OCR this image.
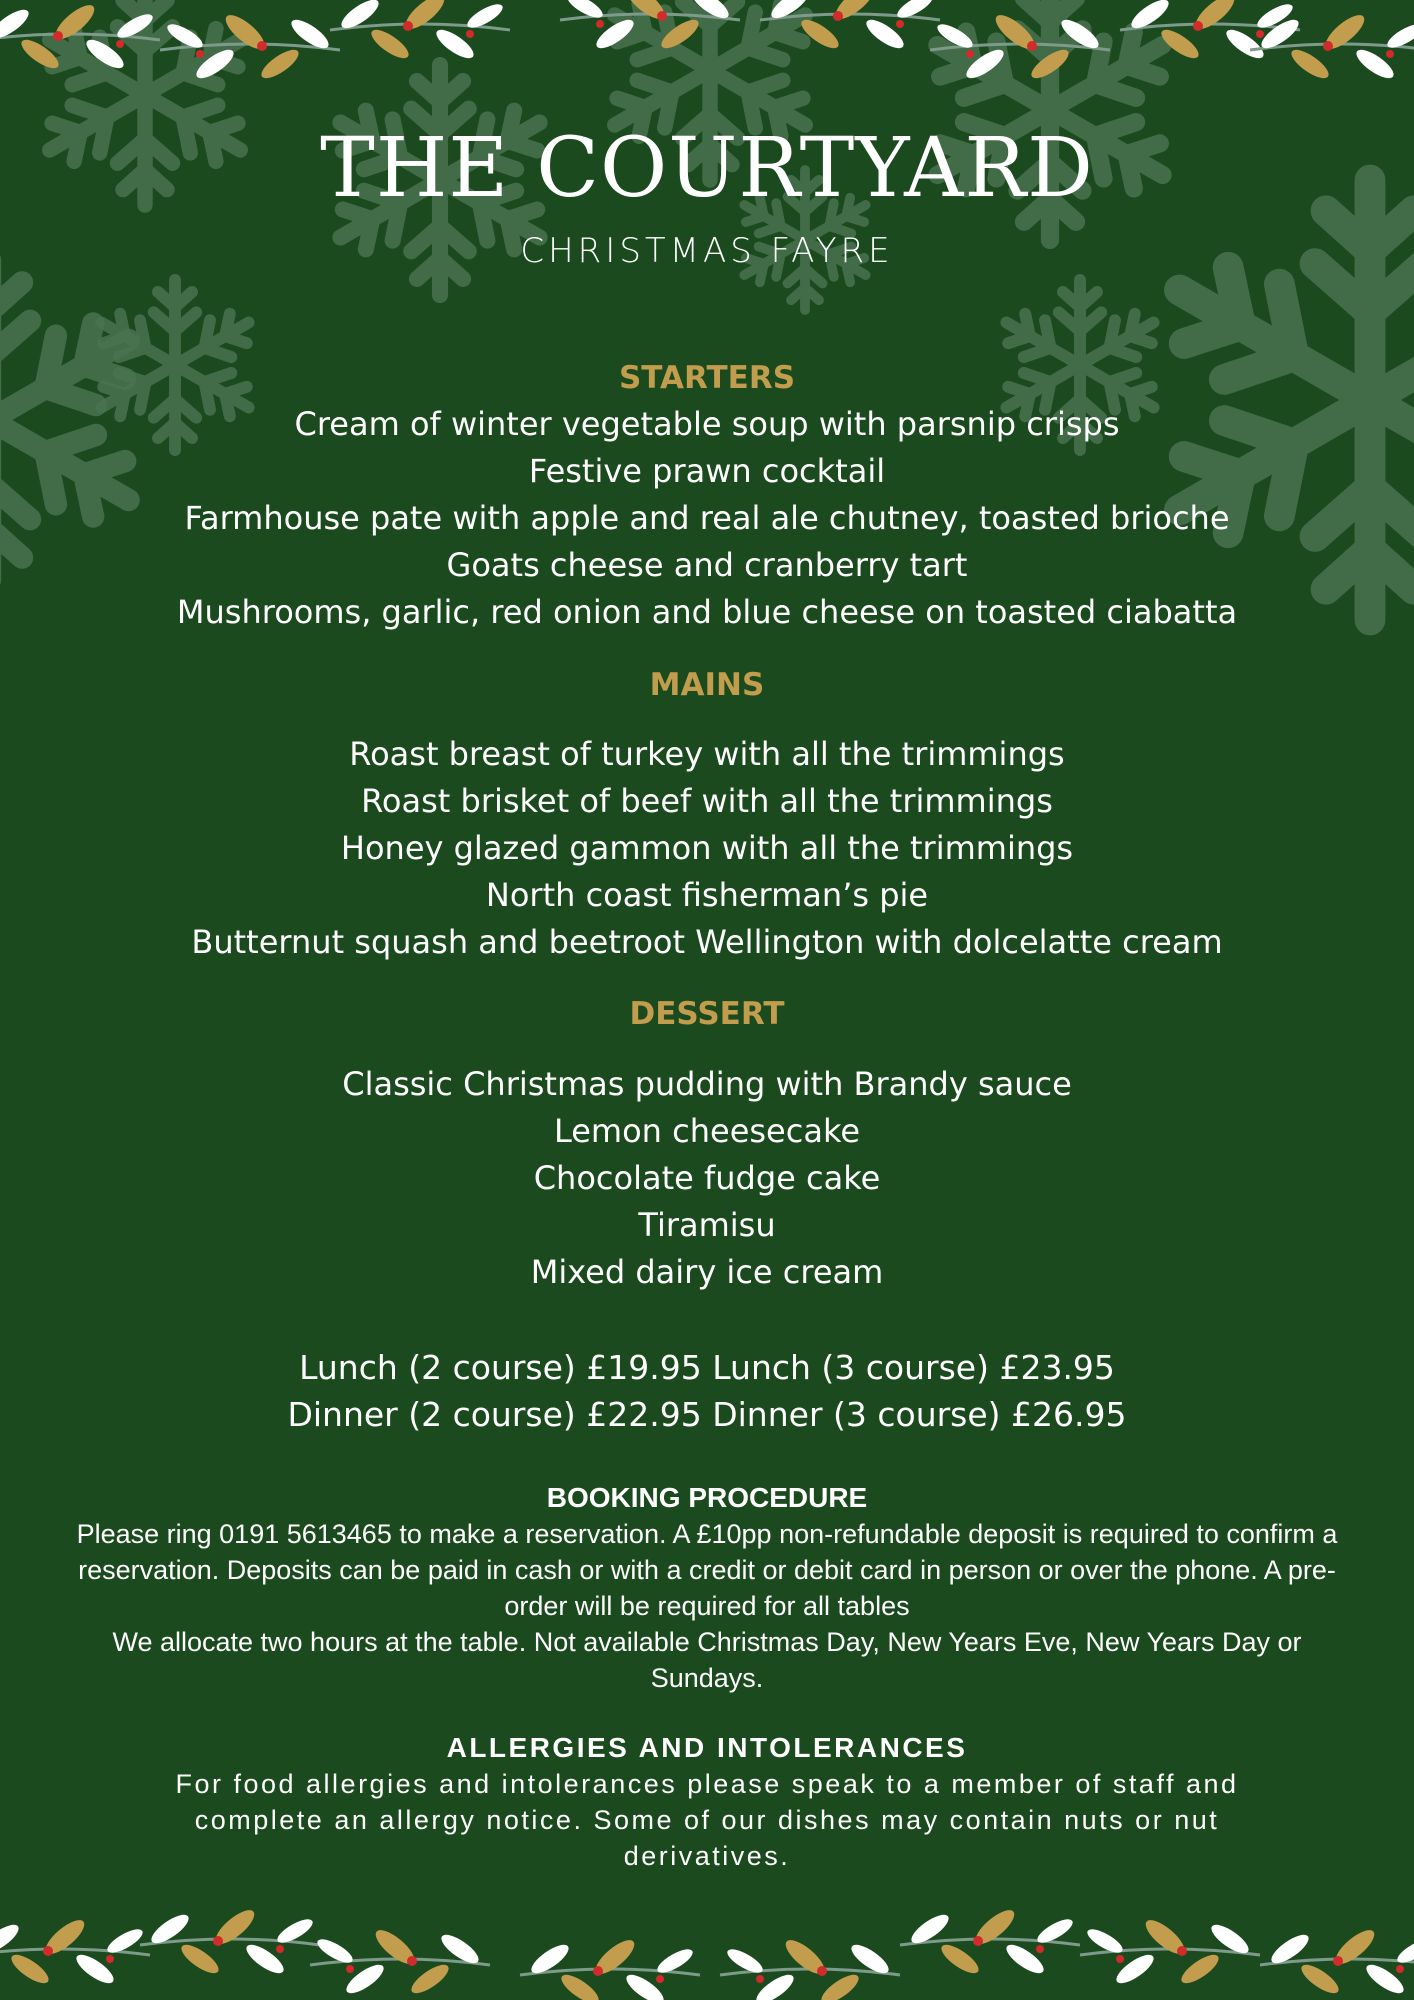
THE COURTYARD
CHRISTMAS FAYRE
STARTERS
Cream of winter vegetable soup with parsnip crisps
Festive prawn cocktail
Farmhouse pate with apple and real ale chutney, toasted brioche
Goats cheese and cranberry tart
Mushrooms, garlic, red onion and blue cheese on toasted ciabatta
MAINS
Roast breast of turkey with all the trimmings
Roast brisket of beef with all the trimmings
Honey glazed gammon with all the trimmings
North coast fisherman’s pie
Butternut squash and beetroot Wellington with dolcelatte cream
DESSERT
Classic Christmas pudding with Brandy sauce
Lemon cheesecake
Chocolate fudge cake
Tiramisu
Mixed dairy ice cream
Lunch (2 course) £19.95 Lunch (3 course) £23.95
Dinner (2 course) £22.95 Dinner (3 course) £26.95
BOOKING PROCEDURE

Please ring 0191 5613465 to make a reservation. A £10pp non-refundable deposit is required to confirm a reservation. Deposits can be paid in cash or with a credit or debit card in person or over the phone. A pre-order will be required for all tables

We allocate two hours at the table. Not available Christmas Day, New Years Eve, New Years Day or Sundays.

ALLERGIES AND INTOLERANCES

For food allergies and intolerances please speak to a member of staff and complete an allergy notice. Some of our dishes may contain nuts or nut derivatives.
